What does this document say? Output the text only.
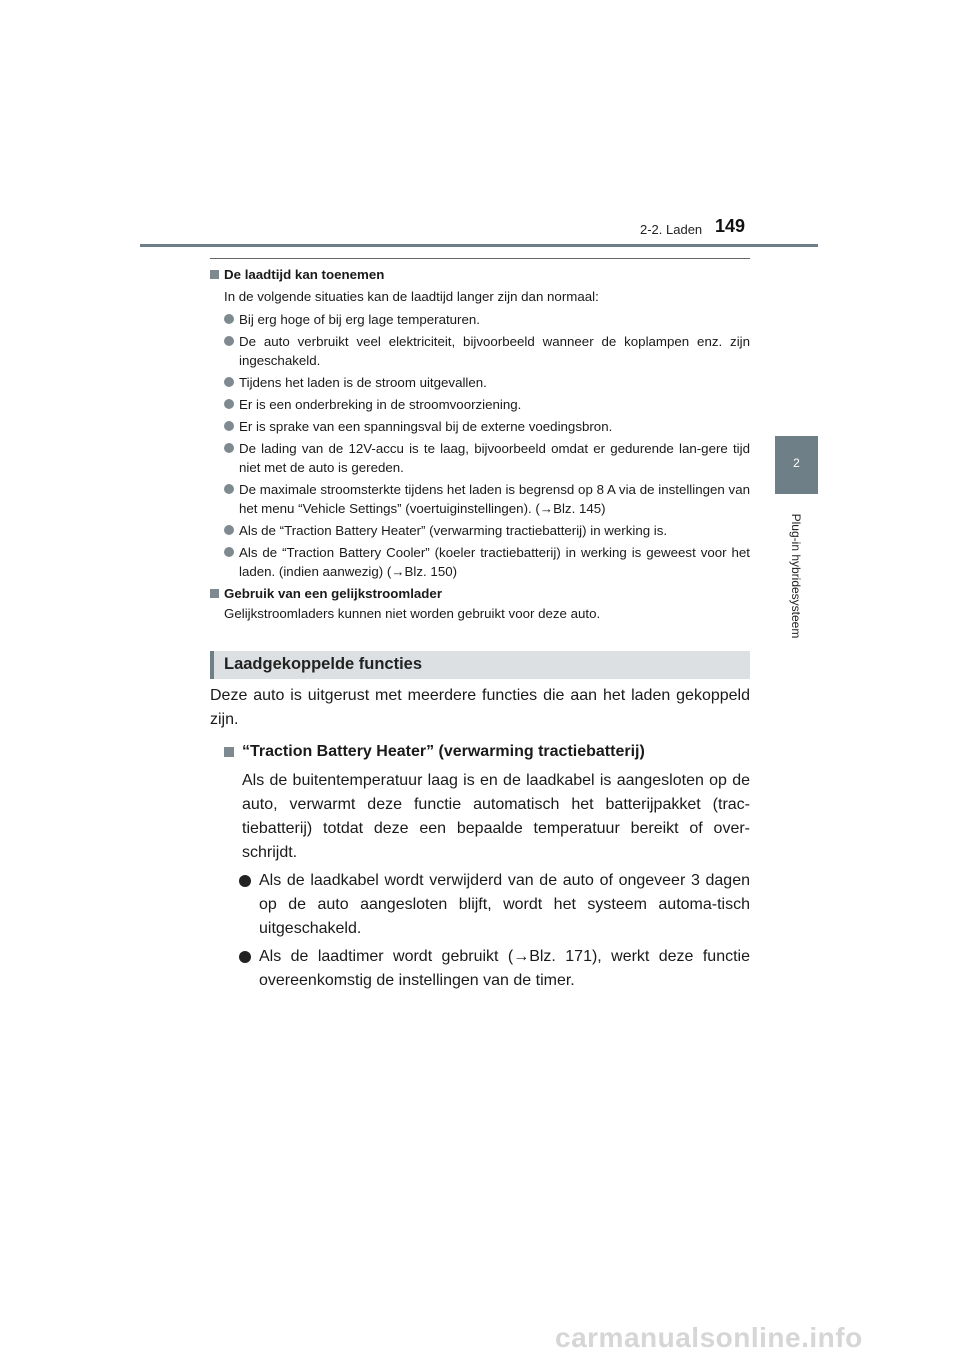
2-2. Laden 149
2
Plug-in hybridesysteem
De laadtijd kan toenemen
In de volgende situaties kan de laadtijd langer zijn dan normaal:
Bij erg hoge of bij erg lage temperaturen.
De auto verbruikt veel elektriciteit, bijvoorbeeld wanneer de koplampen enz. zijn ingeschakeld.
Tijdens het laden is de stroom uitgevallen.
Er is een onderbreking in de stroomvoorziening.
Er is sprake van een spanningsval bij de externe voedingsbron.
De lading van de 12V-accu is te laag, bijvoorbeeld omdat er gedurende lan-gere tijd niet met de auto is gereden.
De maximale stroomsterkte tijdens het laden is begrensd op 8 A via de instellingen van het menu “Vehicle Settings” (voertuiginstellingen). (→Blz. 145)
Als de “Traction Battery Heater” (verwarming tractiebatterij) in werking is.
Als de “Traction Battery Cooler” (koeler tractiebatterij) in werking is geweest voor het laden. (indien aanwezig) (→Blz. 150)
Gebruik van een gelijkstroomlader
Gelijkstroomladers kunnen niet worden gebruikt voor deze auto.
Laadgekoppelde functies
Deze auto is uitgerust met meerdere functies die aan het laden gekoppeld zijn.
“Traction Battery Heater” (verwarming tractiebatterij)
Als de buitentemperatuur laag is en de laadkabel is aangesloten op de auto, verwarmt deze functie automatisch het batterijpakket (trac-tiebatterij) totdat deze een bepaalde temperatuur bereikt of over-schrijdt.
Als de laadkabel wordt verwijderd van de auto of ongeveer 3 dagen op de auto aangesloten blijft, wordt het systeem automa-tisch uitgeschakeld.
Als de laadtimer wordt gebruikt (→Blz. 171), werkt deze functie overeenkomstig de instellingen van de timer.
carmanualsonline.info
